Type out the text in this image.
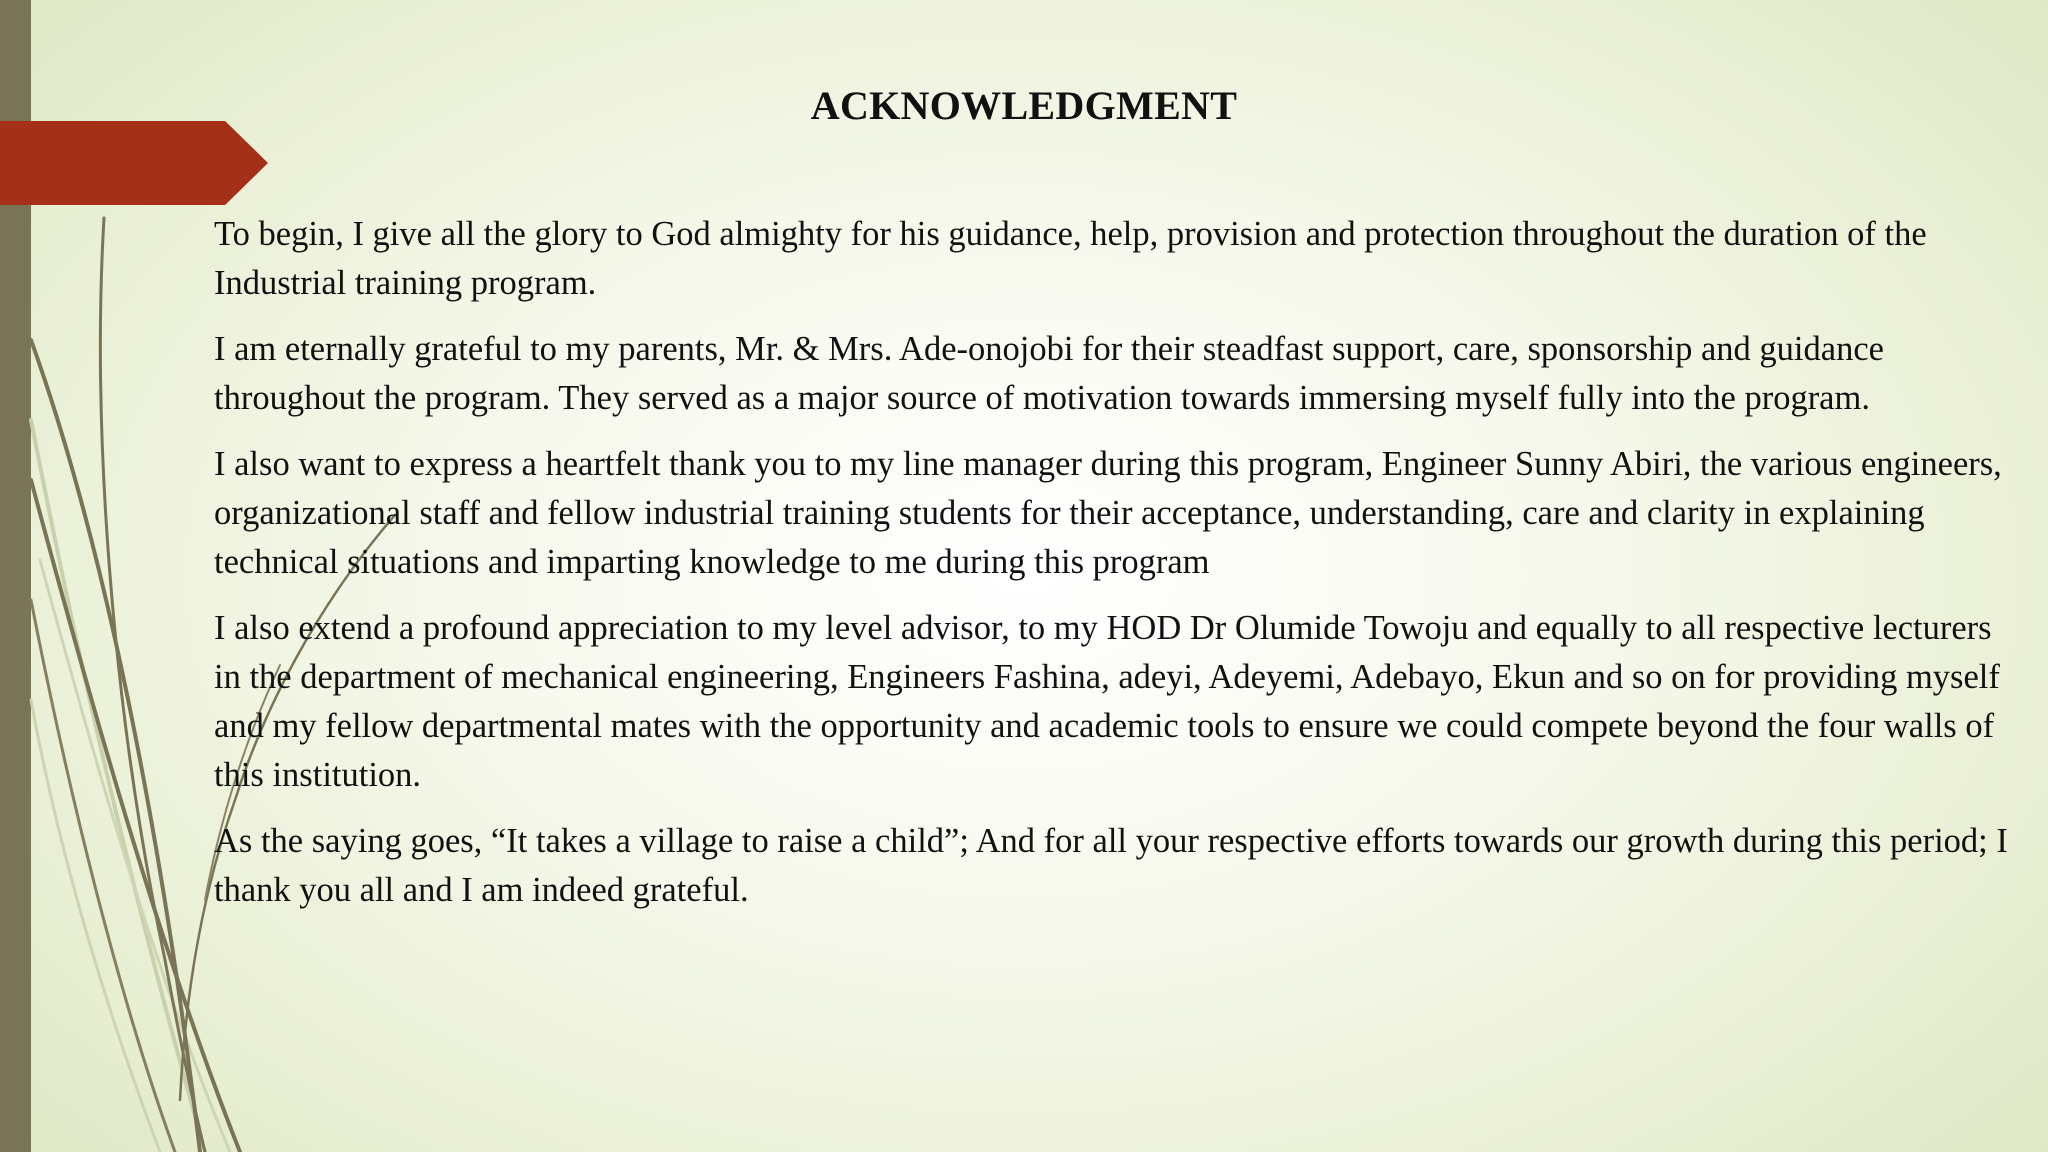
ACKNOWLEDGMENT

To begin, I give all the glory to God almighty for his guidance, help, provision and protection throughout the duration of the Industrial training program.

I am eternally grateful to my parents, Mr. & Mrs. Ade-onojobi for their steadfast support, care, sponsorship and guidance throughout the program. They served as a major source of motivation towards immersing myself fully into the program.

I also want to express a heartfelt thank you to my line manager during this program, Engineer Sunny Abiri, the various engineers, organizational staff and fellow industrial training students for their acceptance, understanding, care and clarity in explaining technical situations and imparting knowledge to me during this program

I also extend a profound appreciation to my level advisor, to my HOD Dr Olumide Towoju and equally to all respective lecturers in the department of mechanical engineering, Engineers Fashina, adeyi, Adeyemi, Adebayo, Ekun and so on for providing myself and my fellow departmental mates with the opportunity and academic tools to ensure we could compete beyond the four walls of this institution.

As the saying goes, “It takes a village to raise a child”; And for all your respective efforts towards our growth during this period; I thank you all and I am indeed grateful.
